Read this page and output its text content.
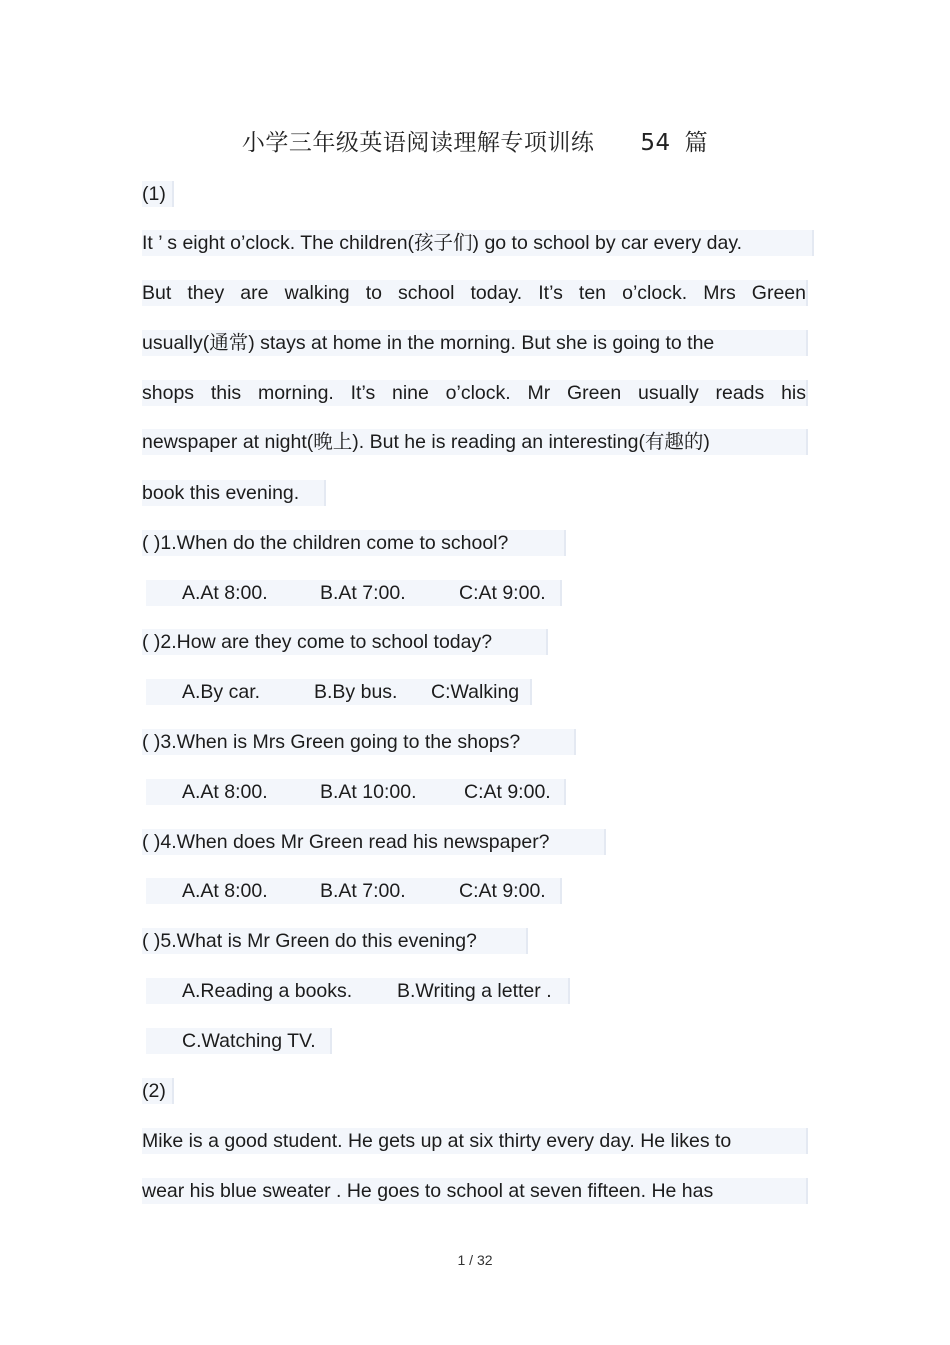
小学三年级英语阅读理解专项训练 54 篇
(1)
It ’ s eight o’clock. The children(孩子们) go to school by car every day.
But they are walking to school today. It’s ten o’clock. Mrs Green
usually(通常) stays at home in the morning. But she is going to the
shops this morning. It’s nine o’clock. Mr Green usually reads his
newspaper at night(晚上). But he is reading an interesting(有趣的)
book this evening.
( )1.When do the children come to school?
A.At 8:00.	B.At 7:00.	C:At 9:00.
( )2.How are they come to school today?
A.By car.	B.By bus. C:Walking
( )3.When is Mrs Green going to the shops?
A.At 8:00.	B.At 10:00. C:At 9:00.
( )4.When does Mr Green read his newspaper?
A.At 8:00.	B.At 7:00.	C:At 9:00.
( )5.What is Mr Green do this evening?
A.Reading a books. B.Writing a letter .
C.Watching TV.
(2)
Mike is a good student. He gets up at six thirty every day. He likes to
wear his blue sweater . He goes to school at seven fifteen. He has
1 / 32
